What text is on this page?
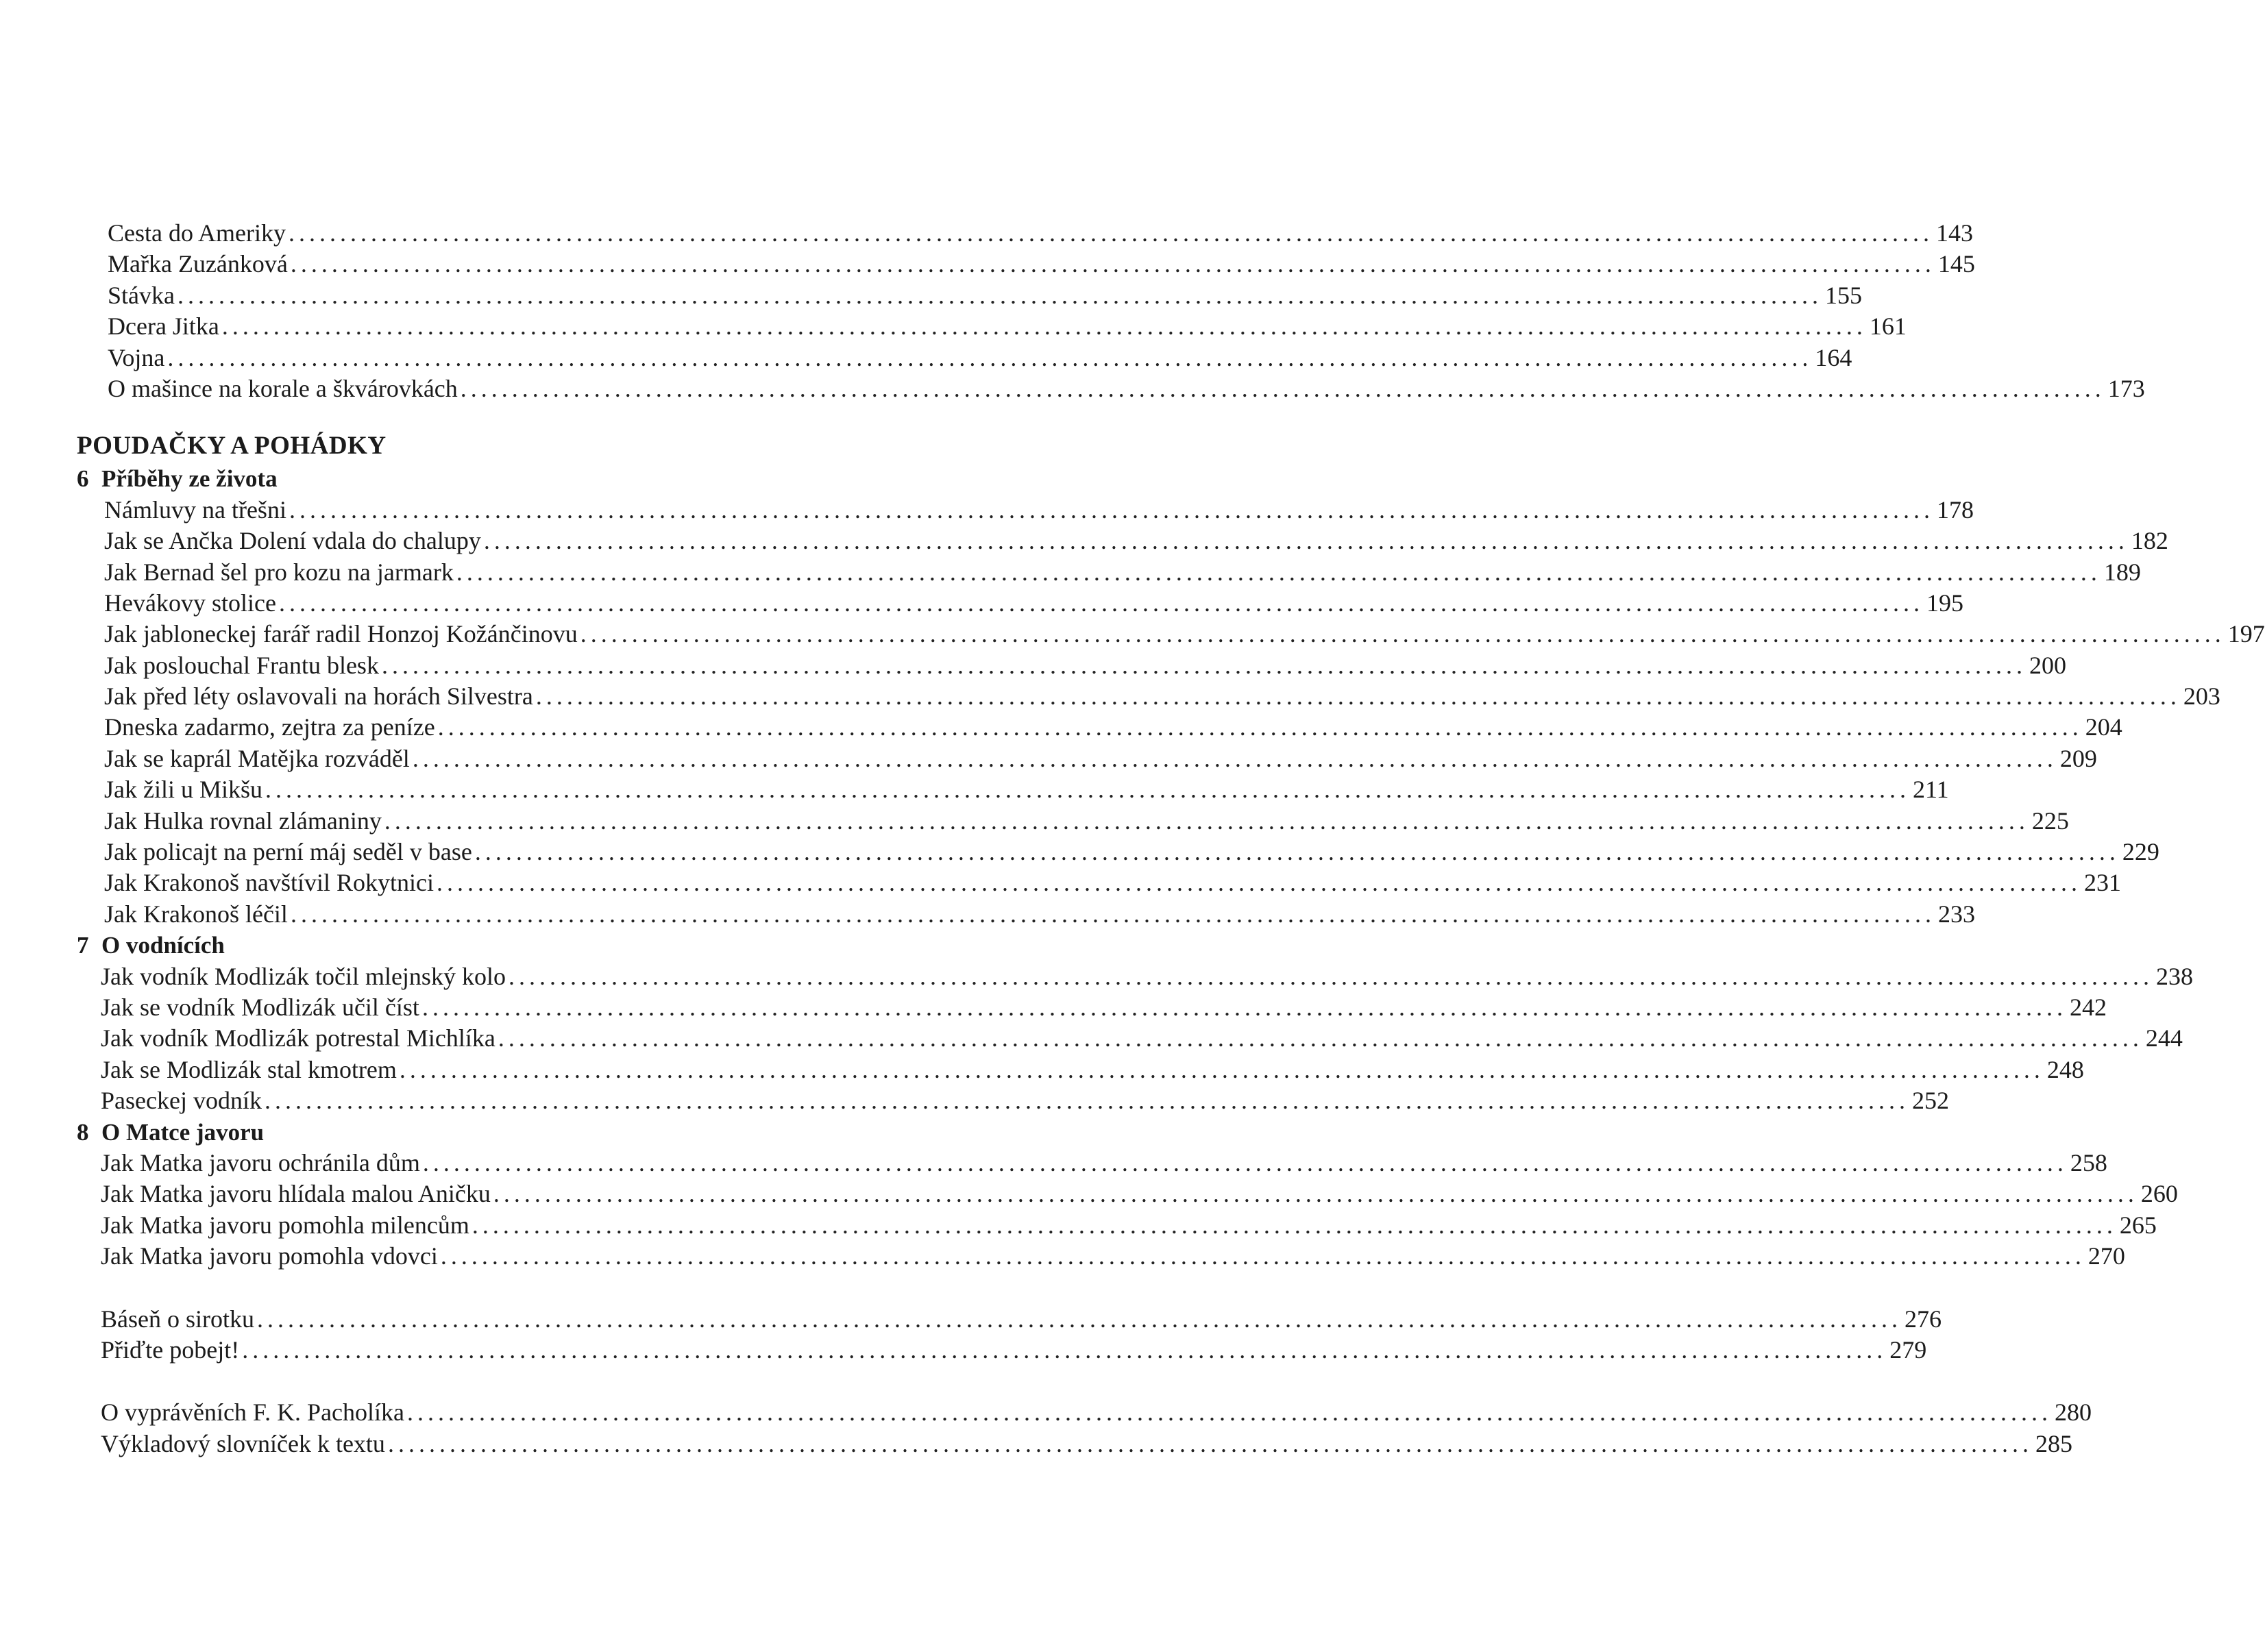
Cesta do Ameriky ................................................................................................................................................................ 143
Mařka Zuzánková ................................................................................................................................................................ 145
Stávka ................................................................................................................................................................ 155
Dcera Jitka ................................................................................................................................................................ 161
Vojna ................................................................................................................................................................ 164
O mašince na korale a škvárovkách ................................................................................................................................................................ 173
POUDAČKY A POHÁDKY
6 Příběhy ze života
Námluvy na třešni ................................................................................................................................................................ 178
Jak se Ančka Dolení vdala do chalupy ................................................................................................................................................................ 182
Jak Bernad šel pro kozu na jarmark ................................................................................................................................................................ 189
Hevákovy stolice ................................................................................................................................................................ 195
Jak jabloneckej farář radil Honzoj Kožánčinovu ................................................................................................................................................................ 197
Jak poslouchal Frantu blesk ................................................................................................................................................................ 200
Jak před léty oslavovali na horách Silvestra ................................................................................................................................................................ 203
Dneska zadarmo, zejtra za peníze ................................................................................................................................................................ 204
Jak se kaprál Matějka rozváděl ................................................................................................................................................................ 209
Jak žili u Mikšu ................................................................................................................................................................ 211
Jak Hulka rovnal zlámaniny ................................................................................................................................................................ 225
Jak policajt na perní máj seděl v base ................................................................................................................................................................ 229
Jak Krakonoš navštívil Rokytnici ................................................................................................................................................................ 231
Jak Krakonoš léčil ................................................................................................................................................................ 233
7 O vodnících
Jak vodník Modlizák točil mlejnský kolo ................................................................................................................................................................ 238
Jak se vodník Modlizák učil číst ................................................................................................................................................................ 242
Jak vodník Modlizák potrestal Michlíka ................................................................................................................................................................ 244
Jak se Modlizák stal kmotrem ................................................................................................................................................................ 248
Paseckej vodník ................................................................................................................................................................ 252
8 O Matce javoru
Jak Matka javoru ochránila dům ................................................................................................................................................................ 258
Jak Matka javoru hlídala malou Aničku ................................................................................................................................................................ 260
Jak Matka javoru pomohla milencům ................................................................................................................................................................ 265
Jak Matka javoru pomohla vdovci ................................................................................................................................................................ 270
Báseň o sirotku ................................................................................................................................................................ 276
Přiďte pobejt! ................................................................................................................................................................ 279
O vyprávěních F. K. Pacholíka ................................................................................................................................................................ 280
Výkladový slovníček k textu ................................................................................................................................................................ 285
